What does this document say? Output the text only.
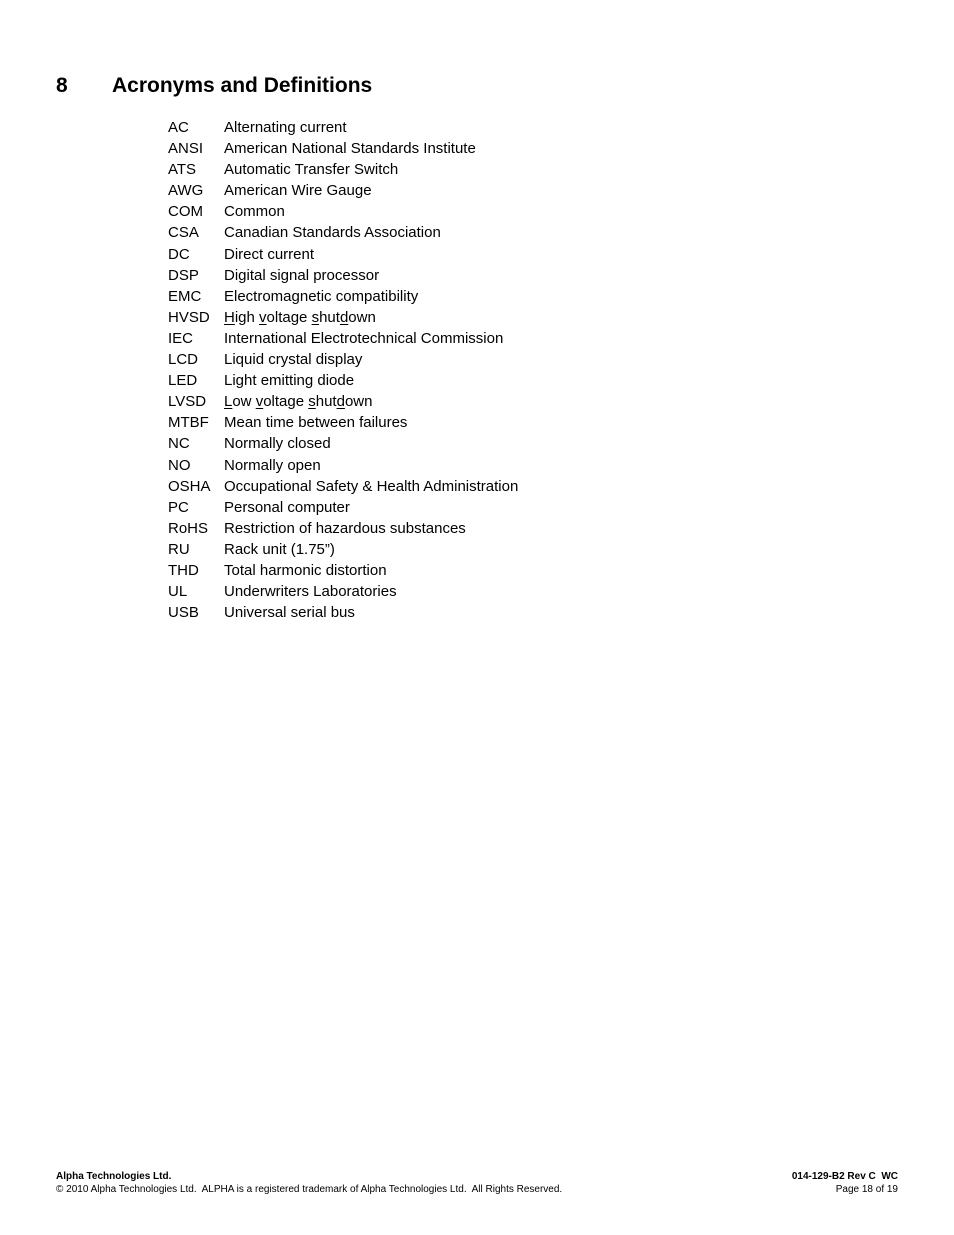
8 Acronyms and Definitions
AC	Alternating current
ANSI	American National Standards Institute
ATS	Automatic Transfer Switch
AWG	American Wire Gauge
COM	Common
CSA	Canadian Standards Association
DC	Direct current
DSP	Digital signal processor
EMC	Electromagnetic compatibility
HVSD High voltage shutdown
IEC	International Electrotechnical Commission
LCD	Liquid crystal display
LED	Light emitting diode
LVSD	Low voltage shutdown
MTBF	Mean time between failures
NC	Normally closed
NO	Normally open
OSHA Occupational Safety & Health Administration
PC	Personal computer
RoHS	Restriction of hazardous substances
RU	Rack unit (1.75”)
THD	Total harmonic distortion
UL	Underwriters Laboratories
USB	Universal serial bus
Alpha Technologies Ltd.
© 2010 Alpha Technologies Ltd.  ALPHA is a registered trademark of Alpha Technologies Ltd.  All Rights Reserved.
014-129-B2 Rev C  WC
Page 18 of 19
